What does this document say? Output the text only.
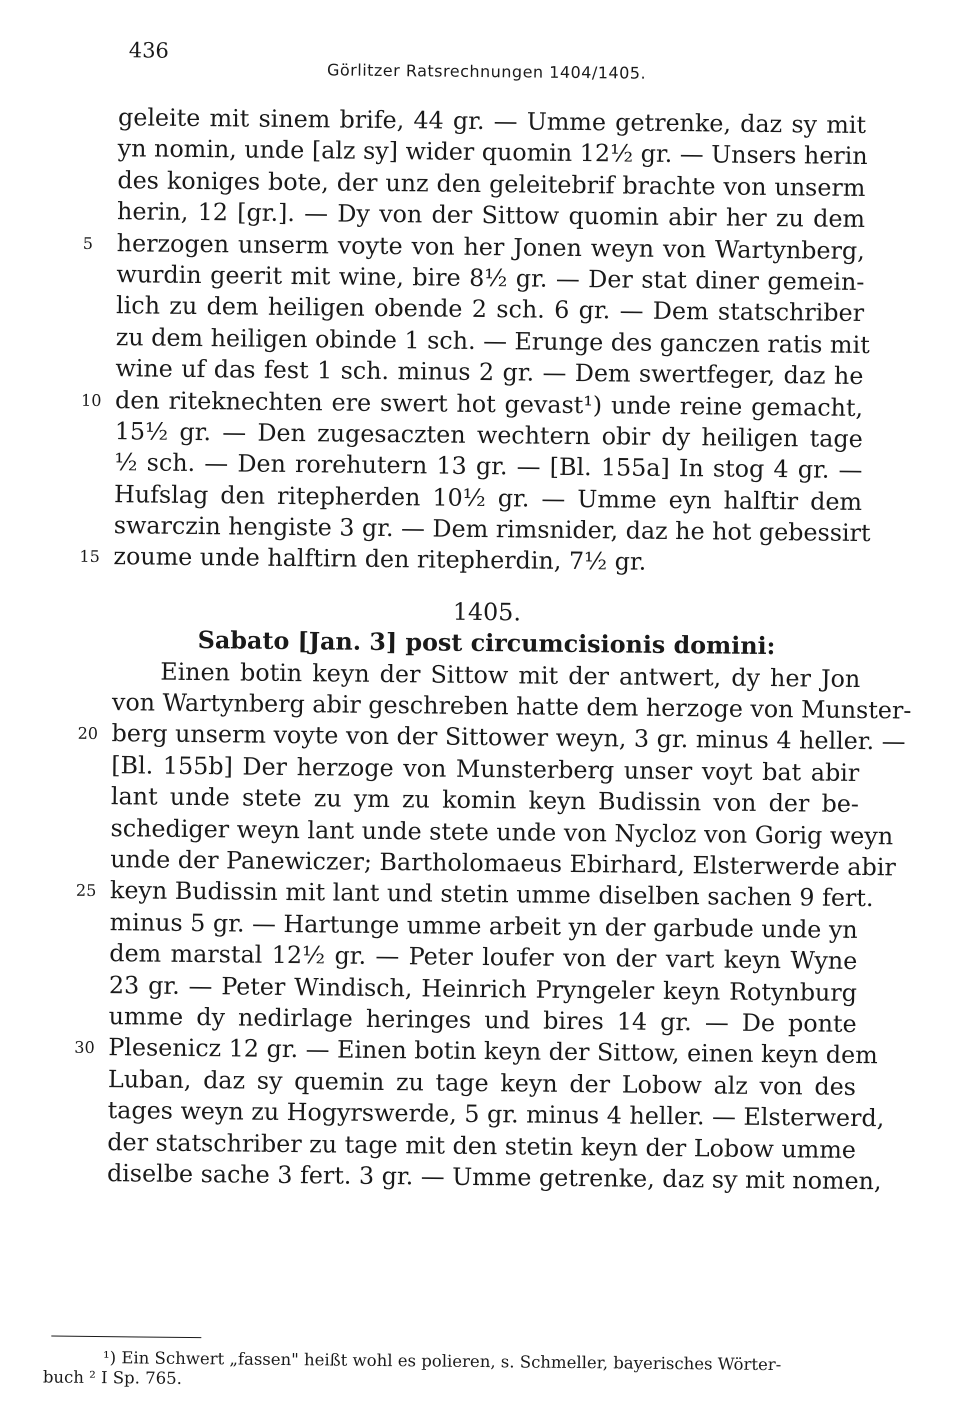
436
Görlitzer Ratsrechnungen 1404/1405.
geleite mit sinem brife, 44 gr. — Umme getrenke, daz sy mit
yn nomin, unde [alz sy] wider quomin 12½ gr. — Unsers herin
des koniges bote, der unz den geleitebrif brachte von unserm
herin, 12 [gr.]. — Dy von der Sittow quomin abir her zu dem
5 herzogen unserm voyte von her Jonen weyn von Wartynberg,
wurdin geerit mit wine, bire 8½ gr. — Der stat diner gemein-
lich zu dem heiligen obende 2 sch. 6 gr. — Dem statschriber
zu dem heiligen obinde 1 sch. — Erunge des ganczen ratis mit
wine uf das fest 1 sch. minus 2 gr. — Dem swertfeger, daz he
10 den riteknechten ere swert hot gevast¹) unde reine gemacht,
15½ gr. — Den zugesaczten wechtern obir dy heiligen tage
½ sch. — Den rorehutern 13 gr. — [Bl. 155a] In stog 4 gr. —
Hufslag den ritepherden 10½ gr. — Umme eyn halftir dem
swarczin hengiste 3 gr. — Dem rimsnider, daz he hot gebessirt
15 zoume unde halftirn den ritepherdin, 7½ gr.
1405.
Sabato [Jan. 3] post circumcisionis domini:
Einen botin keyn der Sittow mit der antwert, dy her Jon
von Wartynberg abir geschreben hatte dem herzoge von Munster-
20 berg unserm voyte von der Sittower weyn, 3 gr. minus 4 heller. —
[Bl. 155b] Der herzoge von Munsterberg unser voyt bat abir
lant unde stete zu ym zu komin keyn Budissin von der be-
schediger weyn lant unde stete unde von Nycloz von Gorig weyn
unde der Panewiczer; Bartholomaeus Ebirhard, Elsterwerde abir
25 keyn Budissin mit lant und stetin umme diselben sachen 9 fert.
minus 5 gr. — Hartunge umme arbeit yn der garbude unde yn
dem marstal 12½ gr. — Peter loufer von der vart keyn Wyne
23 gr. — Peter Windisch, Heinrich Pryngeler keyn Rotynburg
umme dy nedirlage heringes und bires 14 gr. — De ponte
30 Plesenicz 12 gr. — Einen botin keyn der Sittow, einen keyn dem
Luban, daz sy quemin zu tage keyn der Lobow alz von des
tages weyn zu Hogyrswerde, 5 gr. minus 4 heller. — Elsterwerd,
der statschriber zu tage mit den stetin keyn der Lobow umme
diselbe sache 3 fert. 3 gr. — Umme getrenke, daz sy mit nomen,
¹) Ein Schwert „fassen" heißt wohl es polieren, s. Schmeller, bayerisches Wörter-
buch ² I Sp. 765.
